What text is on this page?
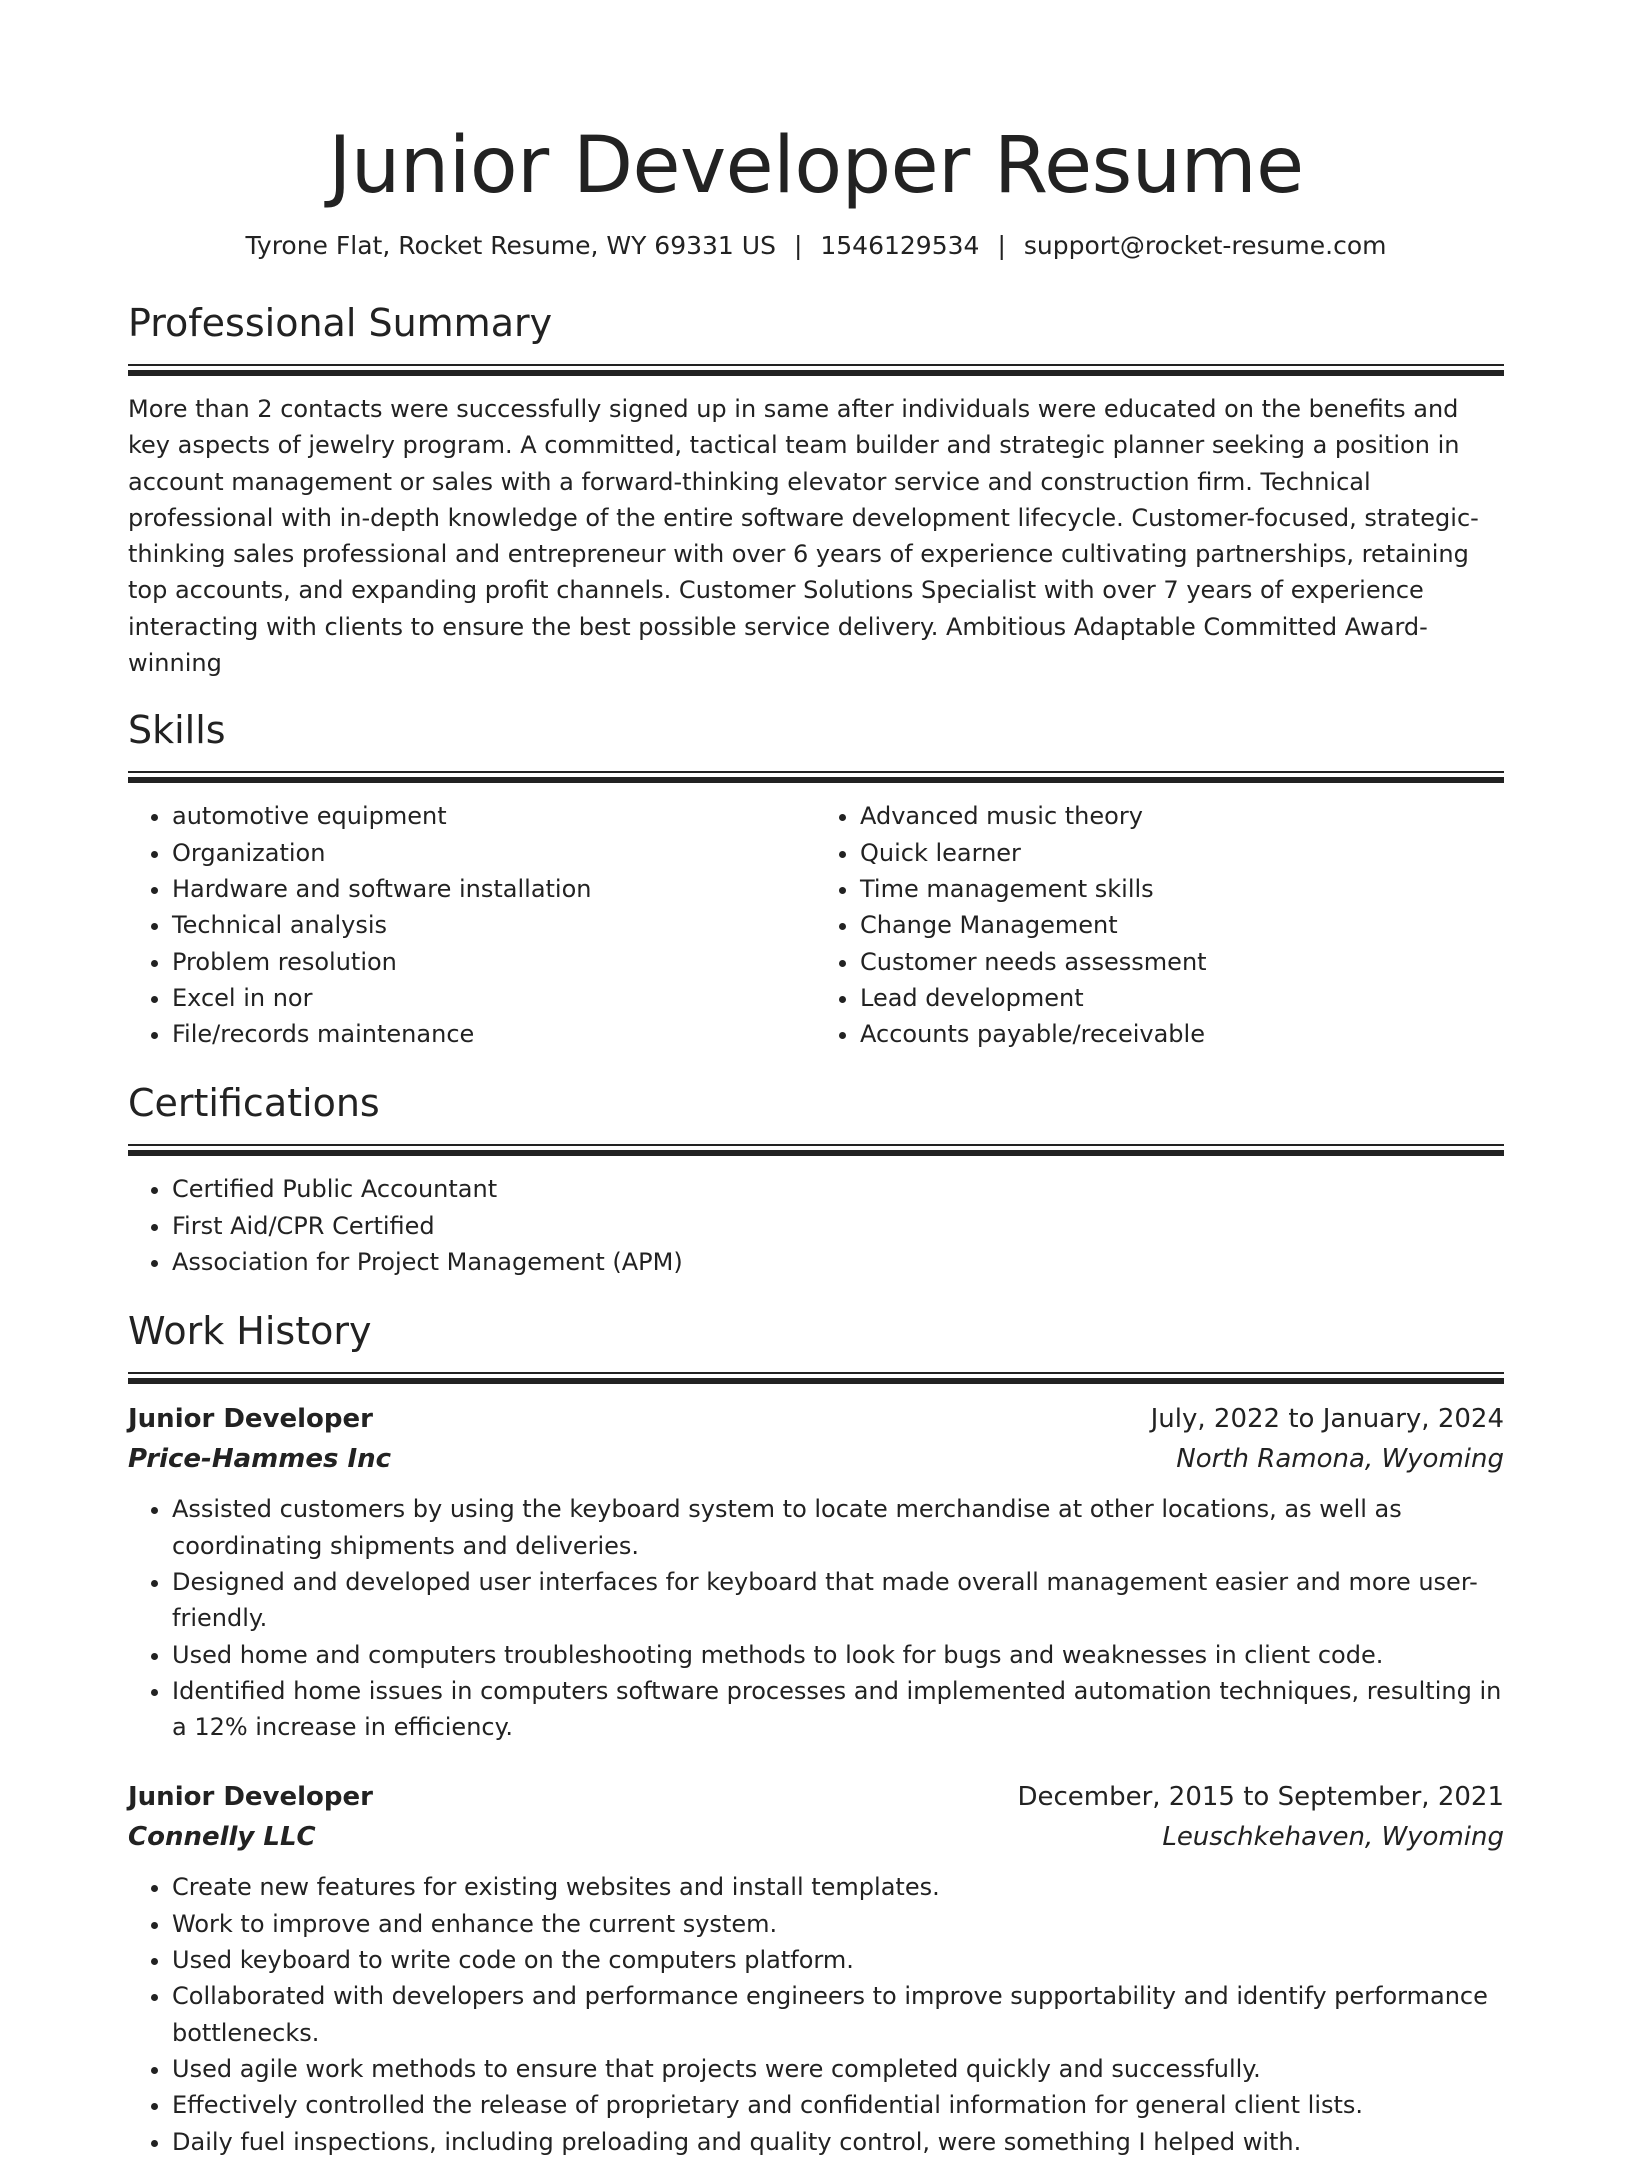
Junior Developer Resume
Tyrone Flat, Rocket Resume, WY 69331 US | 1546129534 | support@rocket-resume.com
Professional Summary

More than 2 contacts were successfully signed up in same after individuals were educated on the benefits and key aspects of jewelry program. A committed, tactical team builder and strategic planner seeking a position in account management or sales with a forward-thinking elevator service and construction firm. Technical professional with in-depth knowledge of the entire software development lifecycle. Customer-focused, strategic-thinking sales professional and entrepreneur with over 6 years of experience cultivating partnerships, retaining top accounts, and expanding profit channels. Customer Solutions Specialist with over 7 years of experience interacting with clients to ensure the best possible service delivery. Ambitious Adaptable Committed Award-winning

Skills
• automotive equipment
• Organization
• Hardware and software installation
• Technical analysis
• Problem resolution
• Excel in nor
• File/records maintenance
• Advanced music theory
• Quick learner
• Time management skills
• Change Management
• Customer needs assessment
• Lead development
• Accounts payable/receivable
Certifications
• Certified Public Accountant
• First Aid/CPR Certified
• Association for Project Management (APM)
Work History
Junior Developer	July, 2022 to January, 2024
Price-Hammes Inc	North Ramona, Wyoming
• Assisted customers by using the keyboard system to locate merchandise at other locations, as well as coordinating shipments and deliveries.
• Designed and developed user interfaces for keyboard that made overall management easier and more user-friendly.
• Used home and computers troubleshooting methods to look for bugs and weaknesses in client code.
• Identified home issues in computers software processes and implemented automation techniques, resulting in a 12% increase in efficiency.
Junior Developer	December, 2015 to September, 2021
Connelly LLC	Leuschkehaven, Wyoming
• Create new features for existing websites and install templates.
• Work to improve and enhance the current system.
• Used keyboard to write code on the computers platform.
• Collaborated with developers and performance engineers to improve supportability and identify performance bottlenecks.
• Used agile work methods to ensure that projects were completed quickly and successfully.
• Effectively controlled the release of proprietary and confidential information for general client lists.
• Daily fuel inspections, including preloading and quality control, were something I helped with.
